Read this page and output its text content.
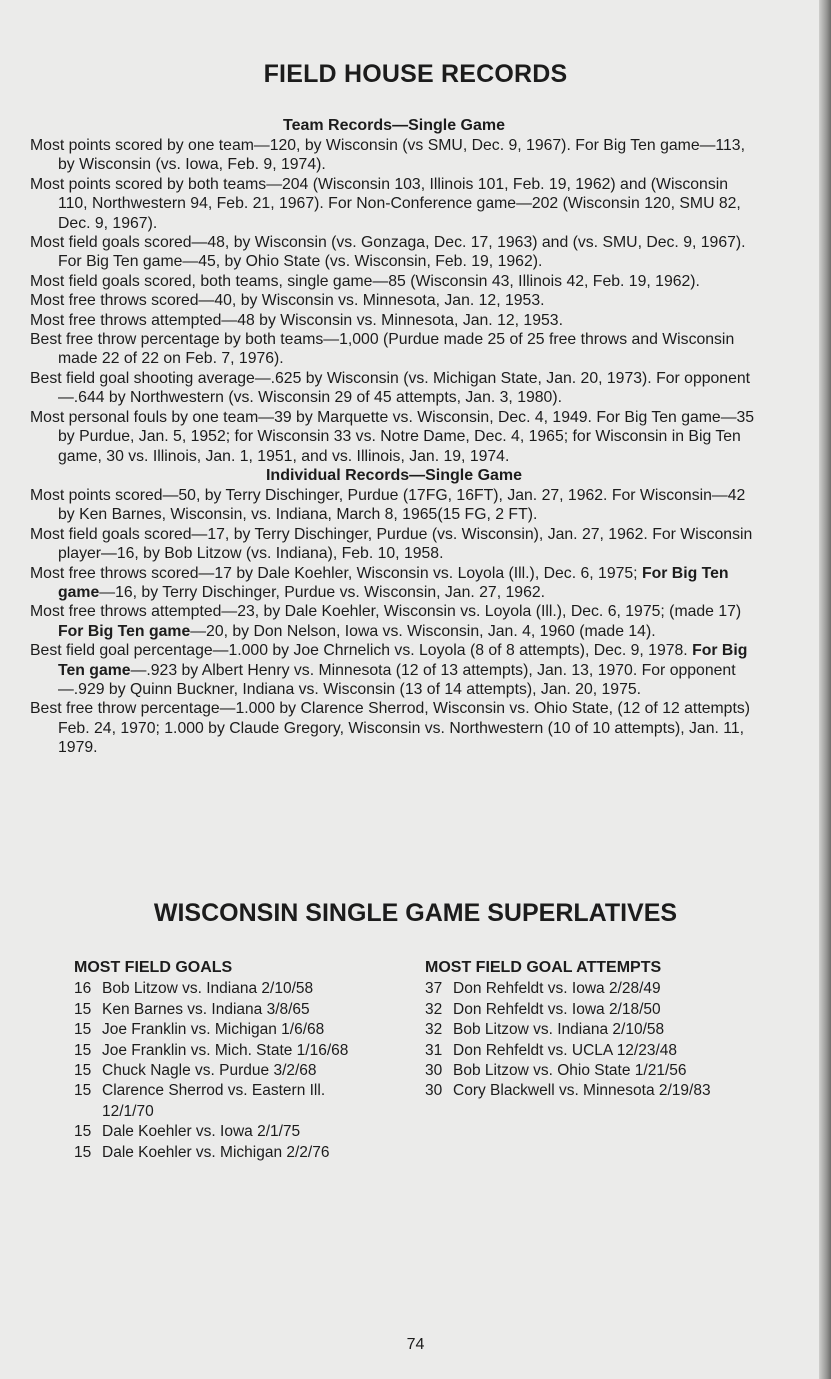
FIELD HOUSE RECORDS
Team Records—Single Game

Most points scored by one team—120, by Wisconsin (vs SMU, Dec. 9, 1967). For Big Ten game—113, by Wisconsin (vs. Iowa, Feb. 9, 1974).

Most points scored by both teams—204 (Wisconsin 103, Illinois 101, Feb. 19, 1962) and (Wisconsin 110, Northwestern 94, Feb. 21, 1967). For Non-Conference game—202 (Wisconsin 120, SMU 82, Dec. 9, 1967).

Most field goals scored—48, by Wisconsin (vs. Gonzaga, Dec. 17, 1963) and (vs. SMU, Dec. 9, 1967). For Big Ten game—45, by Ohio State (vs. Wisconsin, Feb. 19, 1962).

Most field goals scored, both teams, single game—85 (Wisconsin 43, Illinois 42, Feb. 19, 1962).

Most free throws scored—40, by Wisconsin vs. Minnesota, Jan. 12, 1953.

Most free throws attempted—48 by Wisconsin vs. Minnesota, Jan. 12, 1953.

Best free throw percentage by both teams—1,000 (Purdue made 25 of 25 free throws and Wisconsin made 22 of 22 on Feb. 7, 1976).

Best field goal shooting average—.625 by Wisconsin (vs. Michigan State, Jan. 20, 1973). For opponent—.644 by Northwestern (vs. Wisconsin 29 of 45 attempts, Jan. 3, 1980).

Most personal fouls by one team—39 by Marquette vs. Wisconsin, Dec. 4, 1949. For Big Ten game—35 by Purdue, Jan. 5, 1952; for Wisconsin 33 vs. Notre Dame, Dec. 4, 1965; for Wisconsin in Big Ten game, 30 vs. Illinois, Jan. 1, 1951, and vs. Illinois, Jan. 19, 1974.

Individual Records—Single Game

Most points scored—50, by Terry Dischinger, Purdue (17FG, 16FT), Jan. 27, 1962. For Wisconsin—42 by Ken Barnes, Wisconsin, vs. Indiana, March 8, 1965(15 FG, 2 FT).

Most field goals scored—17, by Terry Dischinger, Purdue (vs. Wisconsin), Jan. 27, 1962. For Wisconsin player—16, by Bob Litzow (vs. Indiana), Feb. 10, 1958.

Most free throws scored—17 by Dale Koehler, Wisconsin vs. Loyola (Ill.), Dec. 6, 1975; For Big Ten game—16, by Terry Dischinger, Purdue vs. Wisconsin, Jan. 27, 1962.

Most free throws attempted—23, by Dale Koehler, Wisconsin vs. Loyola (Ill.), Dec. 6, 1975; (made 17) For Big Ten game—20, by Don Nelson, Iowa vs. Wisconsin, Jan. 4, 1960 (made 14).

Best field goal percentage—1.000 by Joe Chrnelich vs. Loyola (8 of 8 attempts), Dec. 9, 1978. For Big Ten game—.923 by Albert Henry vs. Minnesota (12 of 13 attempts), Jan. 13, 1970. For opponent—.929 by Quinn Buckner, Indiana vs. Wisconsin (13 of 14 attempts), Jan. 20, 1975.

Best free throw percentage—1.000 by Clarence Sherrod, Wisconsin vs. Ohio State, (12 of 12 attempts) Feb. 24, 1970; 1.000 by Claude Gregory, Wisconsin vs. Northwestern (10 of 10 attempts), Jan. 11, 1979.

WISCONSIN SINGLE GAME SUPERLATIVES
MOST FIELD GOALS
16 Bob Litzow vs. Indiana 2/10/58
15 Ken Barnes vs. Indiana 3/8/65
15 Joe Franklin vs. Michigan 1/6/68
15 Joe Franklin vs. Mich. State 1/16/68
15 Chuck Nagle vs. Purdue 3/2/68
15 Clarence Sherrod vs. Eastern Ill. 12/1/70
15 Dale Koehler vs. Iowa 2/1/75
15 Dale Koehler vs. Michigan 2/2/76
MOST FIELD GOAL ATTEMPTS
37 Don Rehfeldt vs. Iowa 2/28/49
32 Don Rehfeldt vs. Iowa 2/18/50
32 Bob Litzow vs. Indiana 2/10/58
31 Don Rehfeldt vs. UCLA 12/23/48
30 Bob Litzow vs. Ohio State 1/21/56
30 Cory Blackwell vs. Minnesota 2/19/83
74
